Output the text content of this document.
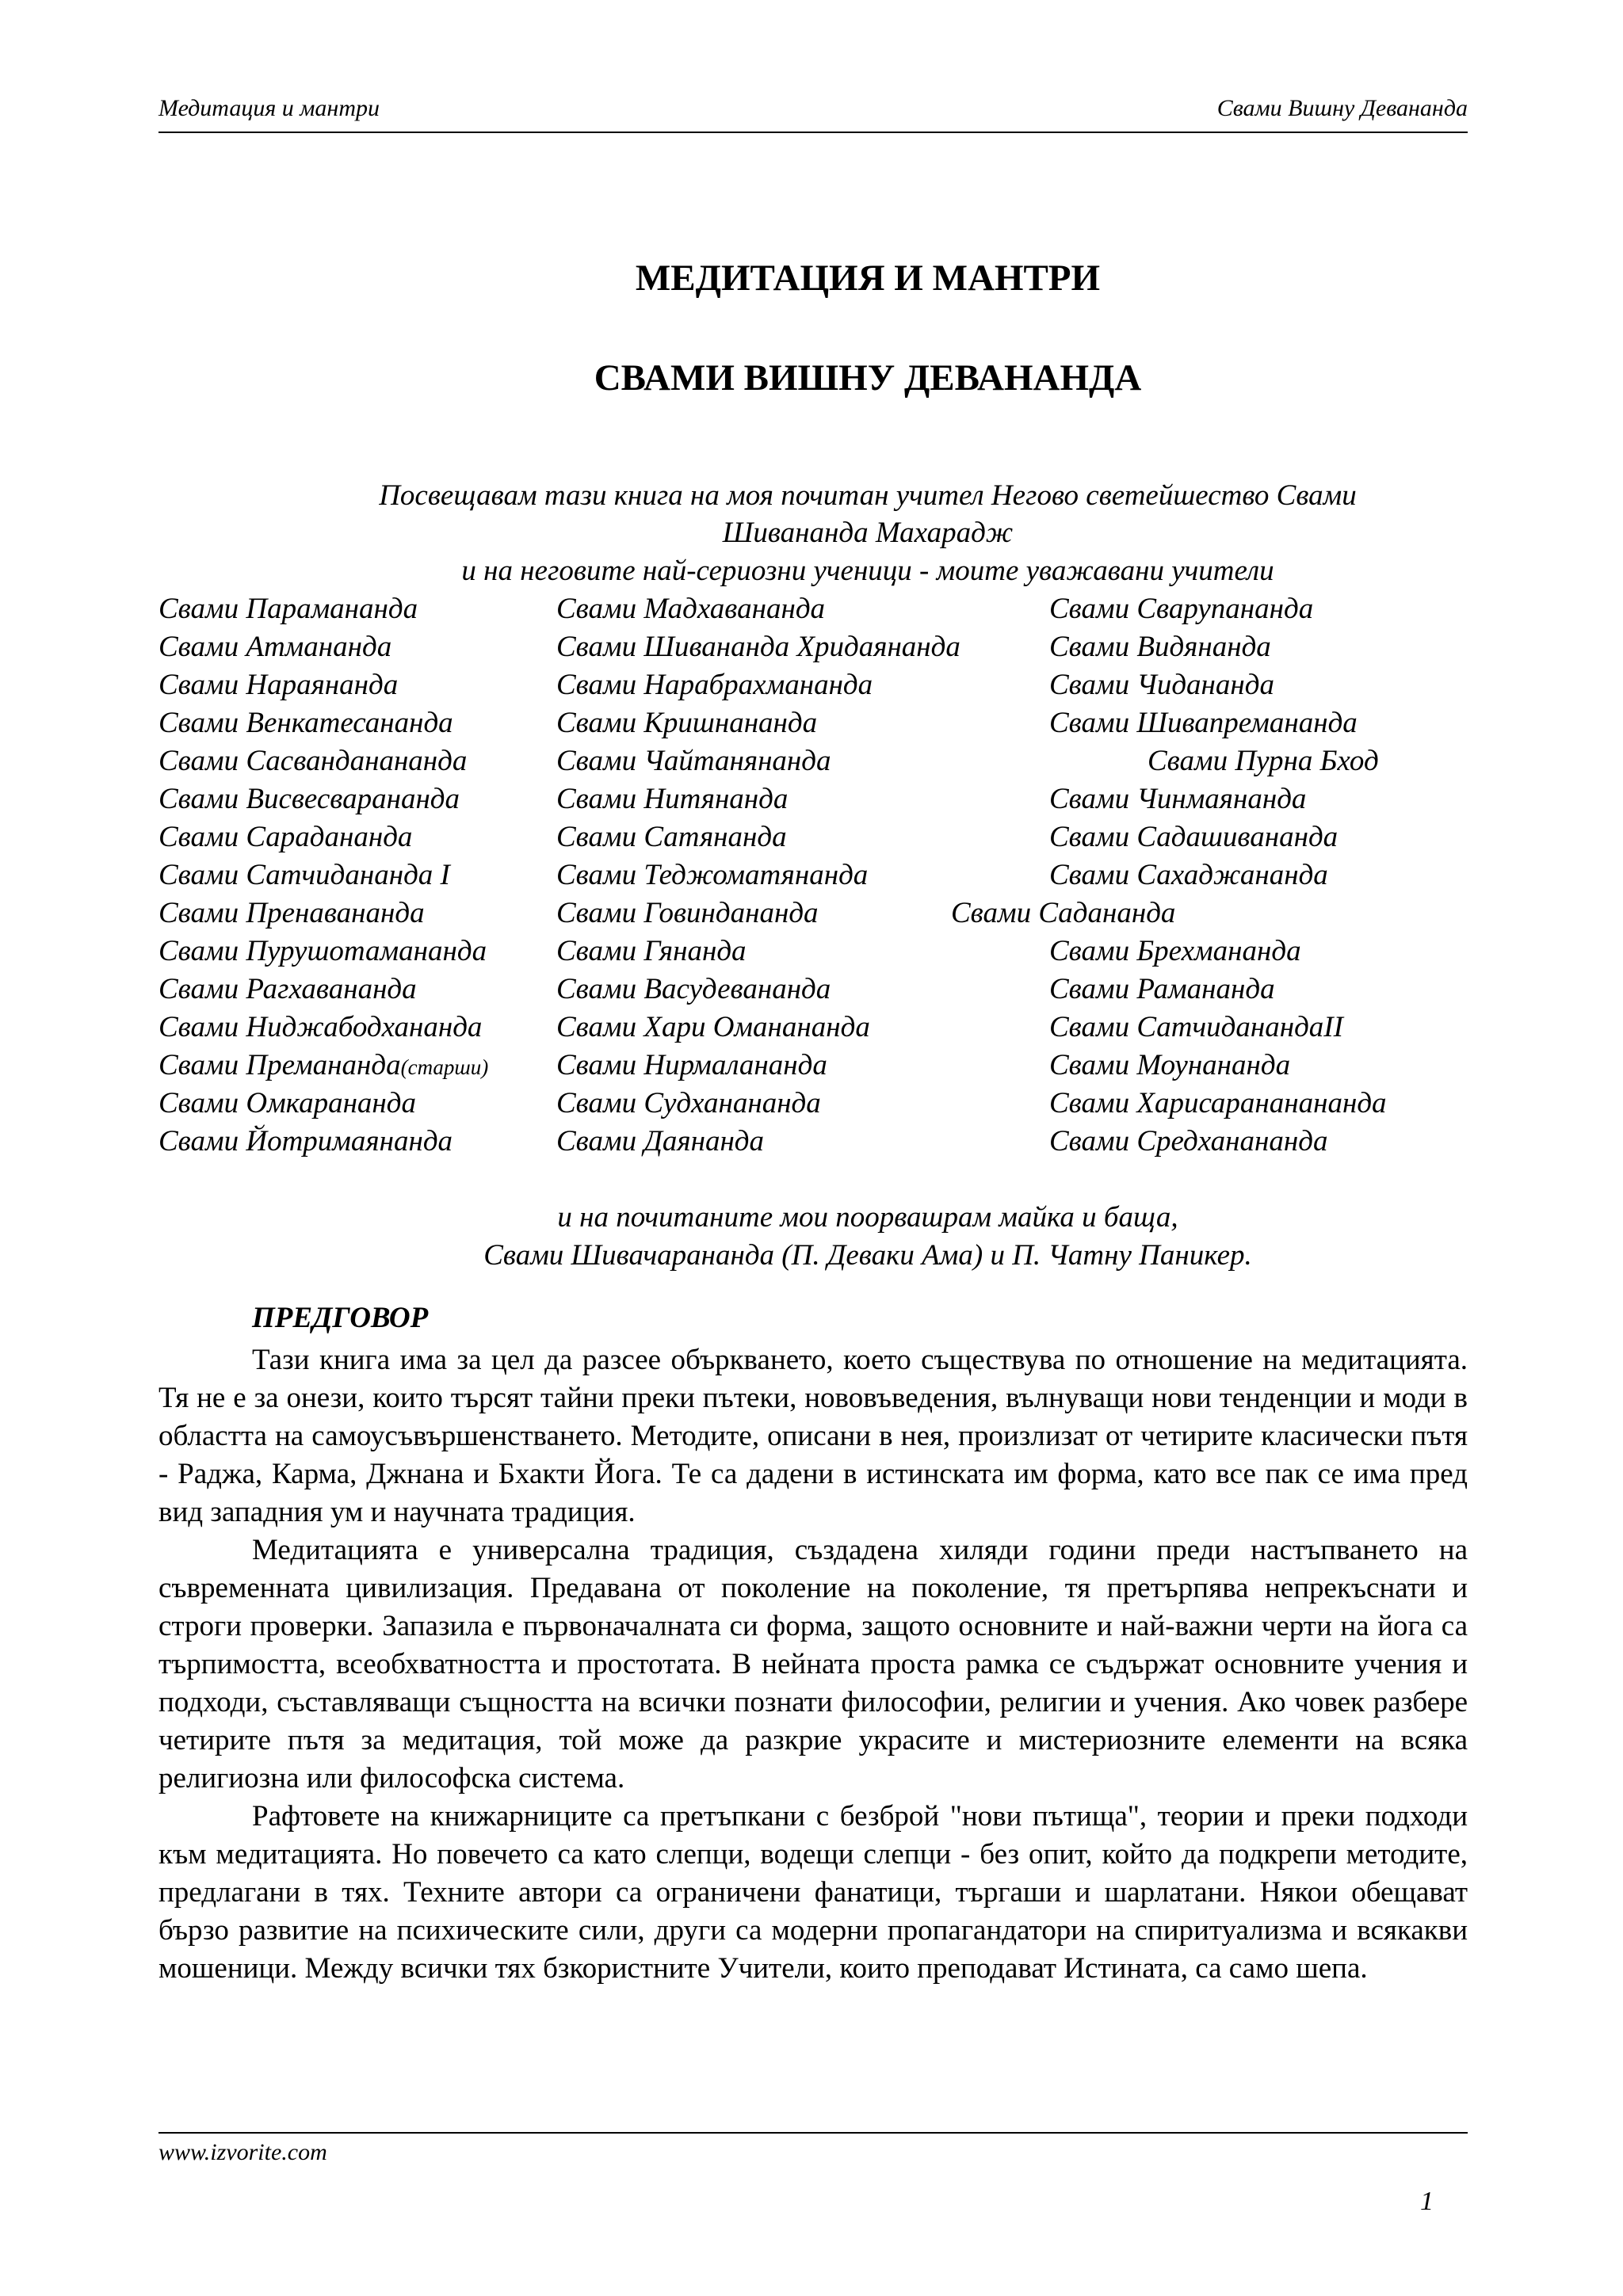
Медитация и мантри	Свами Вишну Девананда
МЕДИТАЦИЯ И МАНТРИ
СВАМИ ВИШНУ ДЕВАНАНДА
Посвещавам тази книга на моя почитан учител Негово светейшество Свами
Шивананда Махарадж
и на неговите най-сериозни ученици - моите уважавани учители
Свами Парамананда
Свами Атмананда
Свами Нараянанда
Свами Венкатесананда
Свами Сасванданананда
Свами Висвесварананда
Свами Сарадананда
Свами Сатчидананда I
Свами Пренавананда
Свами Пурушотамананда
Свами Рагхавананда
Свами Ниджабодхананда
Свами Премананда(старши)
Свами Омкарананда
Свами Йотримаянанда
Свами Мадхавананда
Свами Шивананда Хридаянанда
Свами Нарабрахмананда
Свами Кришнананда
Свами Чайтанянанда
Свами Нитянанда
Свами Сатянанда
Свами Теджоматянанда
Свами Говиндананда
Свами Гянанда
Свами Васудевананда
Свами Хари Оманананда
Свами Нирмалананда
Свами Судханананда
Свами Даянанда
Свами Сварупананда
Свами Видянанда
Свами Чидананда
Свами Шивапремананда
Свами Пурна Бход
Свами Чинмаянанда
Свами Садашивананда
Свами Сахаджананда
Свами Садананда
Свами Брехмананда
Свами Рамананда
Свами СатчиданандаII
Свами Моунананда
Свами Харисарананананда
Свами Средханананда
и на почитаните мои поорвашрам майка и баща,
Свами Шивачарананда (П. Деваки Ама) и П. Чатну Паникер.
ПРЕДГОВОР

Тази книга има за цел да разсее объркването, което съществува по отношение на медитацията. Тя не е за онези, които търсят тайни преки пътеки, нововъведения, вълнуващи нови тенденции и моди в областта на самоусъвършенстването. Методите, описани в нея, произлизат от четирите класически пътя - Раджа, Карма, Джнана и Бхакти Йога. Те са дадени в истинската им форма, като все пак се има пред вид западния ум и научната традиция.

Медитацията е универсална традиция, създадена хиляди години преди настъпването на съвременната цивилизация. Предавана от поколение на поколение, тя претърпява непрекъснати и строги проверки. Запазила е първоначалната си форма, защото основните и най-важни черти на йога са търпимостта, всеобхватността и простотата. В нейната проста рамка се съдържат основните учения и подходи, съставляващи същността на всички познати философии, религии и учения. Ако човек разбере четирите пътя за медитация, той може да разкрие украсите и мистериозните елементи на всяка религиозна или философска система.

Рафтовете на книжарниците са претъпкани с безброй "нови пътища", теории и преки подходи към медитацията. Но повечето са като слепци, водещи слепци - без опит, който да подкрепи методите, предлагани в тях. Техните автори са ограничени фанатици, търгаши и шарлатани. Някои обещават бързо развитие на психическите сили, други са модерни пропагандатори на спиритуализма и всякакви мошеници. Между всички тях бзкористните Учители, които преподават Истината, са само шепа.

www.izvorite.com
1
